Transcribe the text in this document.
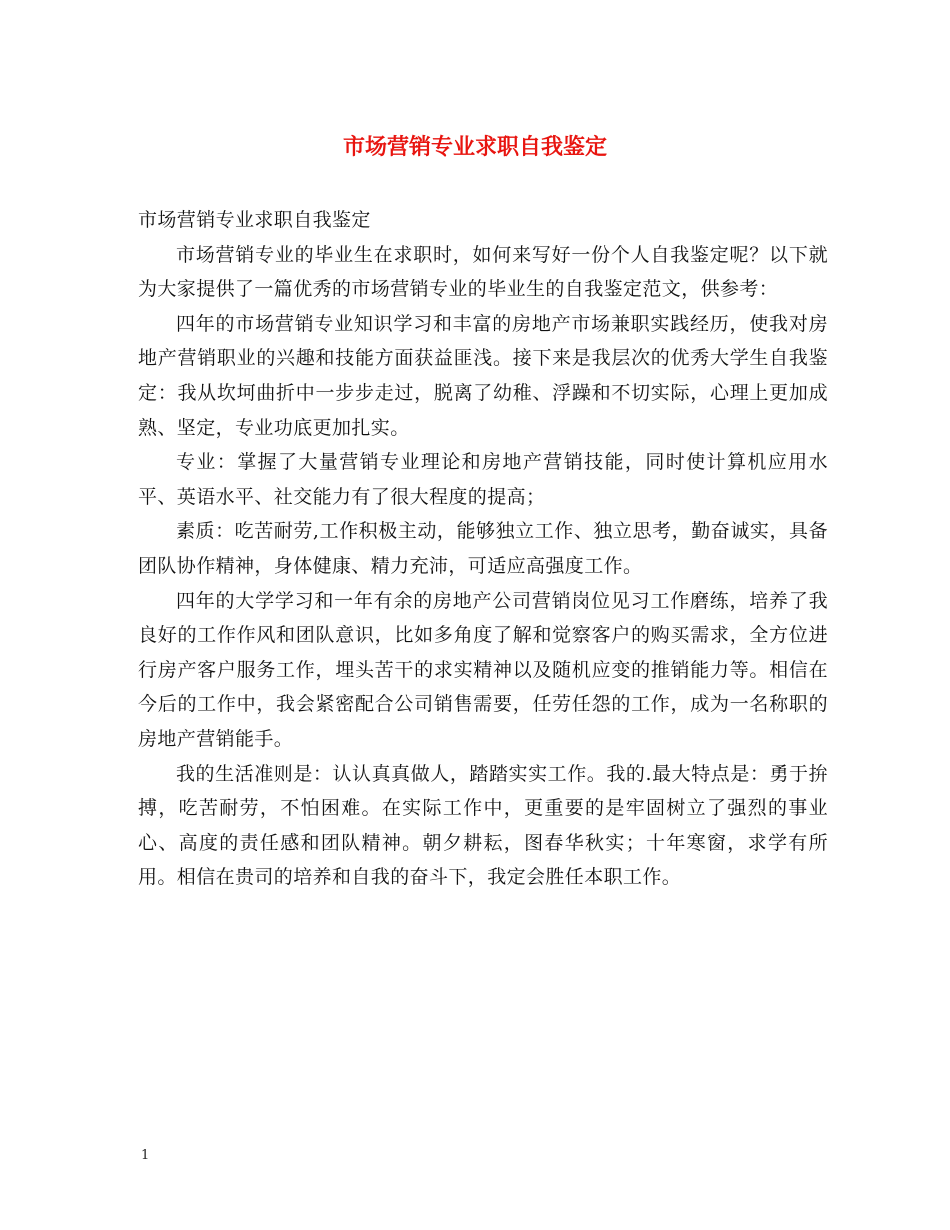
市场营销专业求职自我鉴定

市场营销专业求职自我鉴定

市场营销专业的毕业生在求职时，如何来写好一份个人自我鉴定呢？以下就为大家提供了一篇优秀的市场营销专业的毕业生的自我鉴定范文，供参考：

四年的市场营销专业知识学习和丰富的房地产市场兼职实践经历，使我对房地产营销职业的兴趣和技能方面获益匪浅。接下来是我层次的优秀大学生自我鉴定：我从坎坷曲折中一步步走过，脱离了幼稚、浮躁和不切实际，心理上更加成熟、坚定，专业功底更加扎实。

专业：掌握了大量营销专业理论和房地产营销技能，同时使计算机应用水平、英语水平、社交能力有了很大程度的提高；

素质：吃苦耐劳,工作积极主动，能够独立工作、独立思考，勤奋诚实，具备团队协作精神，身体健康、精力充沛，可适应高强度工作。

四年的大学学习和一年有余的房地产公司营销岗位见习工作磨练，培养了我良好的工作作风和团队意识，比如多角度了解和觉察客户的购买需求，全方位进行房产客户服务工作，埋头苦干的求实精神以及随机应变的推销能力等。相信在今后的工作中，我会紧密配合公司销售需要，任劳任怨的工作，成为一名称职的房地产营销能手。

我的生活准则是：认认真真做人，踏踏实实工作。我的.最大特点是：勇于拚搏，吃苦耐劳，不怕困难。在实际工作中，更重要的是牢固树立了强烈的事业心、高度的责任感和团队精神。朝夕耕耘，图春华秋实；十年寒窗，求学有所用。相信在贵司的培养和自我的奋斗下，我定会胜任本职工作。

1
